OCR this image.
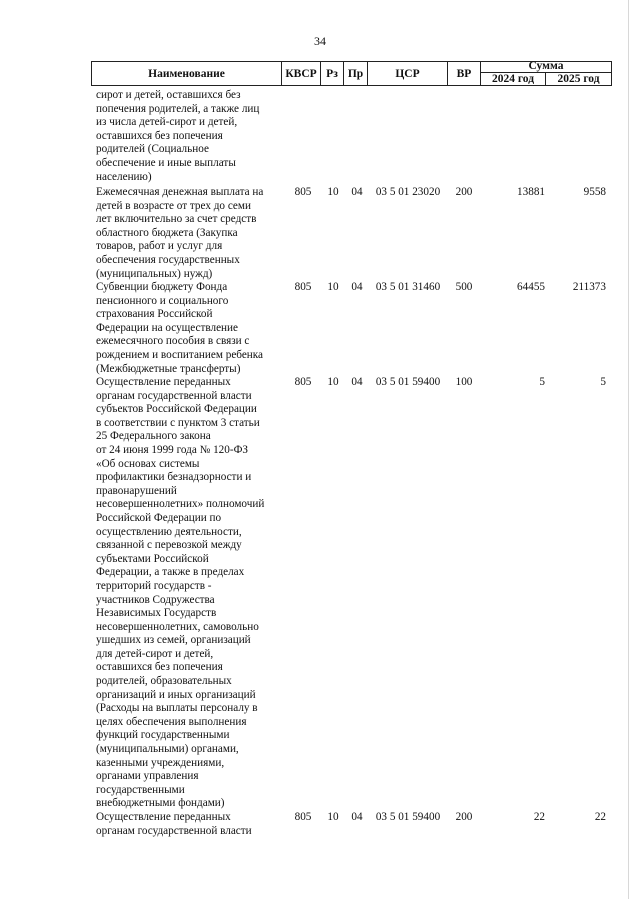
34
Наименование	КВСР Рз Пр	ЦСР	ВР
Сумма
2024 год	2025 год
сирот и детей, оставшихся без
попечения родителей, а также лиц
из числа детей-сирот и детей,
оставшихся без попечения
родителей (Социальное
обеспечение и иные выплаты
населению)
Ежемесячная денежная выплата на
детей в возрасте от трех до семи
лет включительно за счет средств
областного бюджета (Закупка
товаров, работ и услуг для
обеспечения государственных
(муниципальных) нужд)
805	10	04	03 5 01 23020	200	13881	9558
Субвенции бюджету Фонда
пенсионного и социального
страхования Российской
Федерации на осуществление
ежемесячного пособия в связи с
рождением и воспитанием ребенка
(Межбюджетные трансферты)
805	10	04	03 5 01 31460	500	64455	211373
Осуществление переданных
органам государственной власти
субъектов Российской Федерации
в соответствии с пунктом 3 статьи
25 Федерального закона
от 24 июня 1999 года № 120-ФЗ
«Об основах системы
профилактики безнадзорности и
правонарушений
несовершеннолетних» полномочий
Российской Федерации по
осуществлению деятельности,
связанной с перевозкой между
субъектами Российской
Федерации, а также в пределах
территорий государств -
участников Содружества
Независимых Государств
несовершеннолетних, самовольно
ушедших из семей, организаций
для детей-сирот и детей,
оставшихся без попечения
родителей, образовательных
организаций и иных организаций
(Расходы на выплаты персоналу в
целях обеспечения выполнения
функций государственными
(муниципальными) органами,
казенными учреждениями,
органами управления
государственными
внебюджетными фондами)
805	10	04	03 5 01 59400	100	5	5
Осуществление переданных
органам государственной власти
805	10	04	03 5 01 59400	200	22	22
